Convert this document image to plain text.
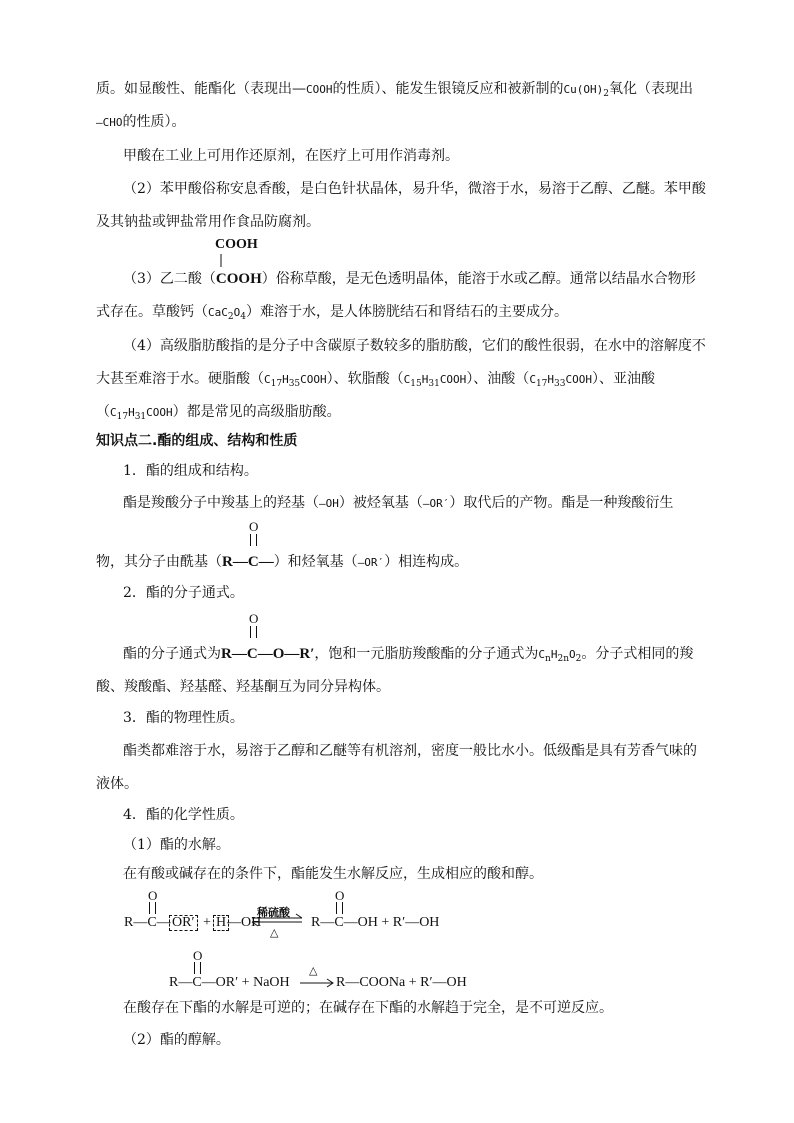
质。如显酸性、能酯化（表现出—COOH的性质）、能发生银镜反应和被新制的$Cu(OH)_2$氧化（表现出
—CHO的性质）。
甲酸在工业上可用作还原剂，在医疗上可用作消毒剂。
（2）苯甲酸俗称安息香酸，是白色针状晶体，易升华，微溶于水，易溶于乙醇、乙醚。苯甲酸
及其钠盐或钾盐常用作食品防腐剂。
COOH
（3）乙二酸（COOH）俗称草酸，是无色透明晶体，能溶于水或乙醇。通常以结晶水合物形
式存在。草酸钙$(CaC_2O_4)$难溶于水，是人体膀胱结石和肾结石的主要成分。
（4）高级脂肪酸指的是分子中含碳原子数较多的脂肪酸，它们的酸性很弱，在水中的溶解度不
大甚至难溶于水。硬脂酸$(C_{17}H_{35}COOH)$、软脂酸$(C_{15}H_{31}COOH)$、油酸$(C_{17}H_{33}COOH)$、亚油酸
$(C_{17}H_{31}COOH)$都是常见的高级脂肪酸。
知识点二.酯的组成、结构和性质
1．酯的组成和结构。
酯是羧酸分子中羧基上的羟基（—OH）被烃氧基（—OR′）取代后的产物。酯是一种羧酸衍生
O
物，其分子由酰基（R—C—）和烃氧基（—OR′）相连构成。
2．酯的分子通式。
O
酯的分子通式为R—C—O—R′，饱和一元脂肪羧酸酯的分子通式为$C_nH_{2n}O_2$。分子式相同的羧
酸、羧酸酯、羟基醛、羟基酮互为同分异构体。
3．酯的物理性质。
酯类都难溶于水，易溶于乙醇和乙醚等有机溶剂，密度一般比水小。低级酯是具有芳香气味的
液体。
4．酯的化学性质。
（1）酯的水解。
在有酸或碱存在的条件下，酯能发生水解反应，生成相应的酸和醇。
O
R—C— OR′ + H —OH
稀硫酸
△
O
R—C—OH + R′—OH
O
R—C—OR′ + NaOH
△
R—COONa + R′—OH
在酸存在下酯的水解是可逆的；在碱存在下酯的水解趋于完全，是不可逆反应。
（2）酯的醇解。
